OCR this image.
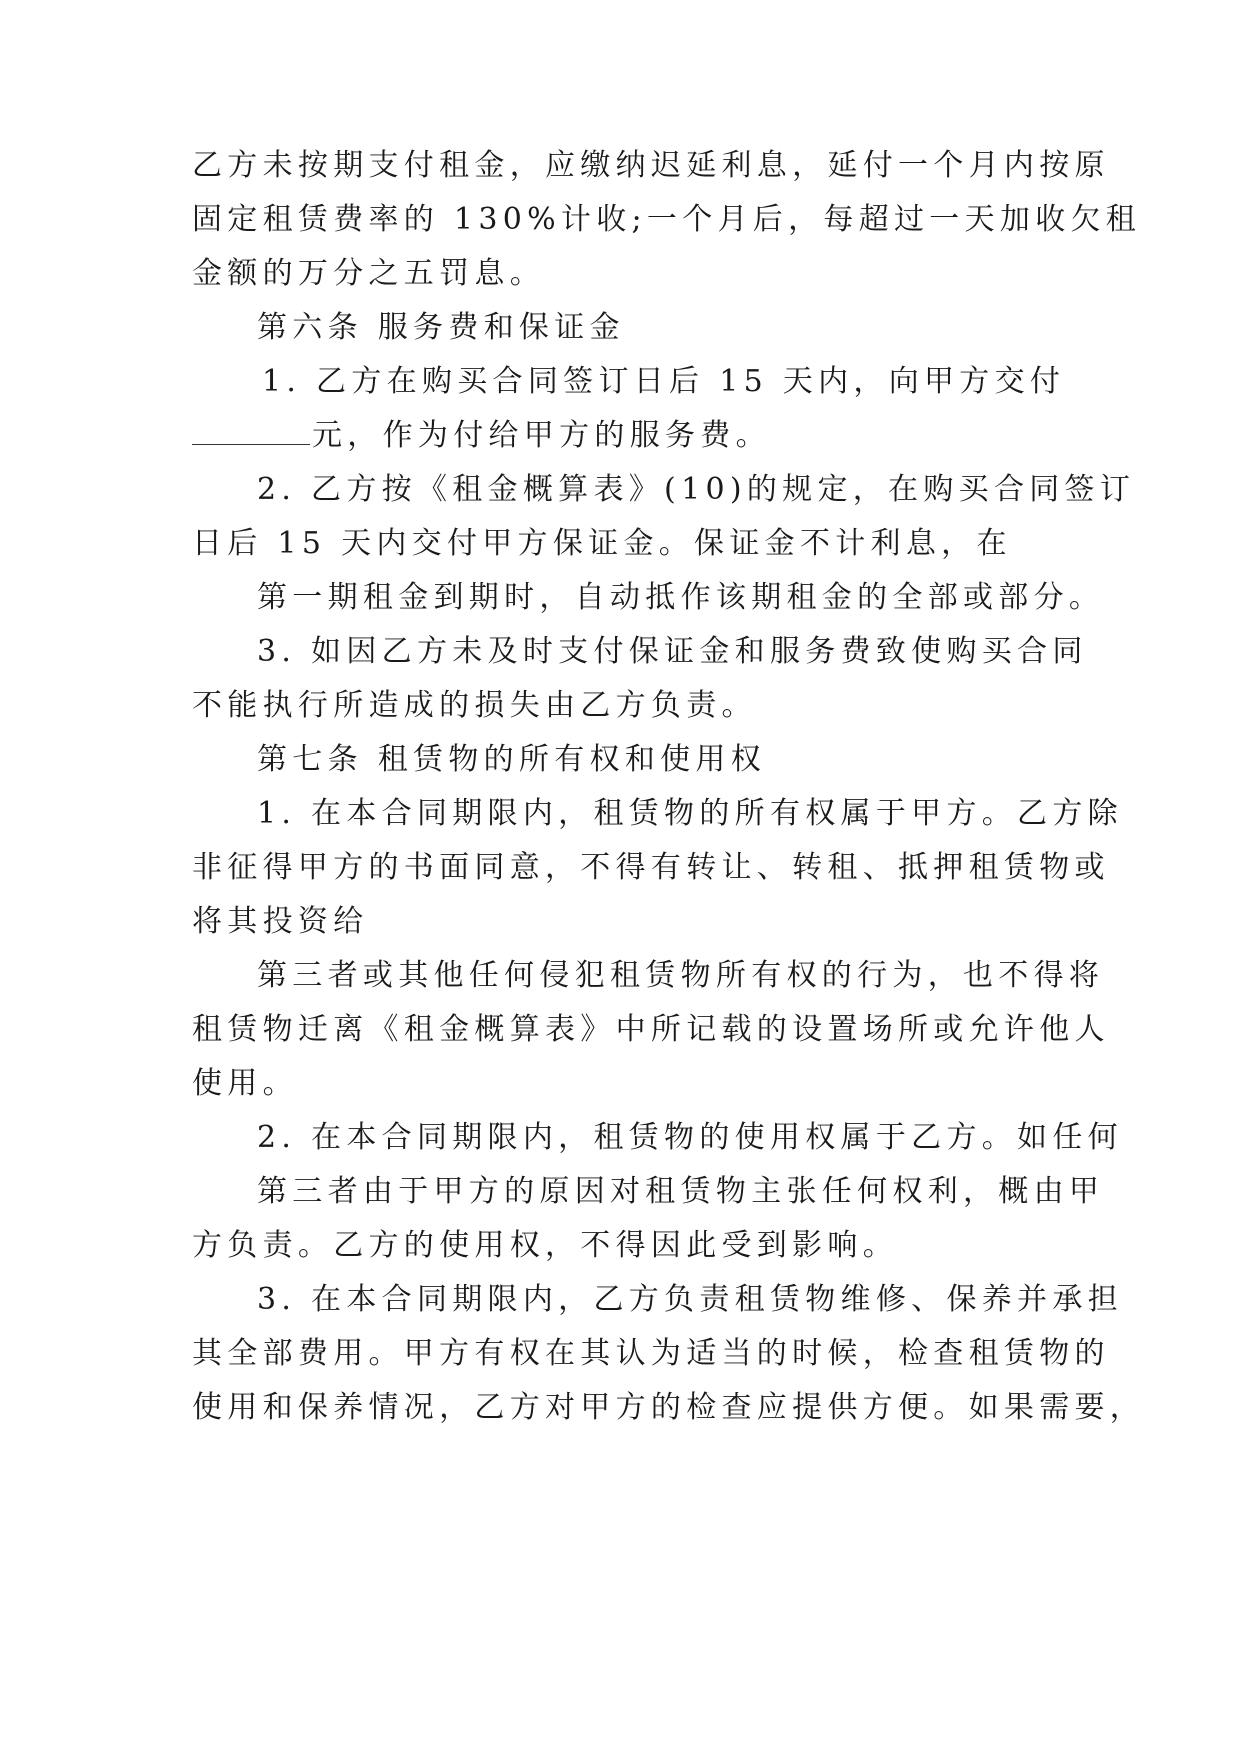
乙方未按期支付租金，应缴纳迟延利息，延付一个月内按原
固定租赁费率的 130%计收;一个月后，每超过一天加收欠租
金额的万分之五罚息。
第六条 服务费和保证金
1. 乙方在购买合同签订日后 15 天内，向甲方交付
元，作为付给甲方的服务费。
2. 乙方按《租金概算表》(10)的规定，在购买合同签订
日后 15 天内交付甲方保证金。保证金不计利息，在
第一期租金到期时，自动抵作该期租金的全部或部分。
3. 如因乙方未及时支付保证金和服务费致使购买合同
不能执行所造成的损失由乙方负责。
第七条 租赁物的所有权和使用权
1. 在本合同期限内，租赁物的所有权属于甲方。乙方除
非征得甲方的书面同意，不得有转让、转租、抵押租赁物或
将其投资给
第三者或其他任何侵犯租赁物所有权的行为，也不得将
租赁物迁离《租金概算表》中所记载的设置场所或允许他人
使用。
2. 在本合同期限内，租赁物的使用权属于乙方。如任何
第三者由于甲方的原因对租赁物主张任何权利，概由甲
方负责。乙方的使用权，不得因此受到影响。
3. 在本合同期限内，乙方负责租赁物维修、保养并承担
其全部费用。甲方有权在其认为适当的时候，检查租赁物的
使用和保养情况，乙方对甲方的检查应提供方便。如果需要，
